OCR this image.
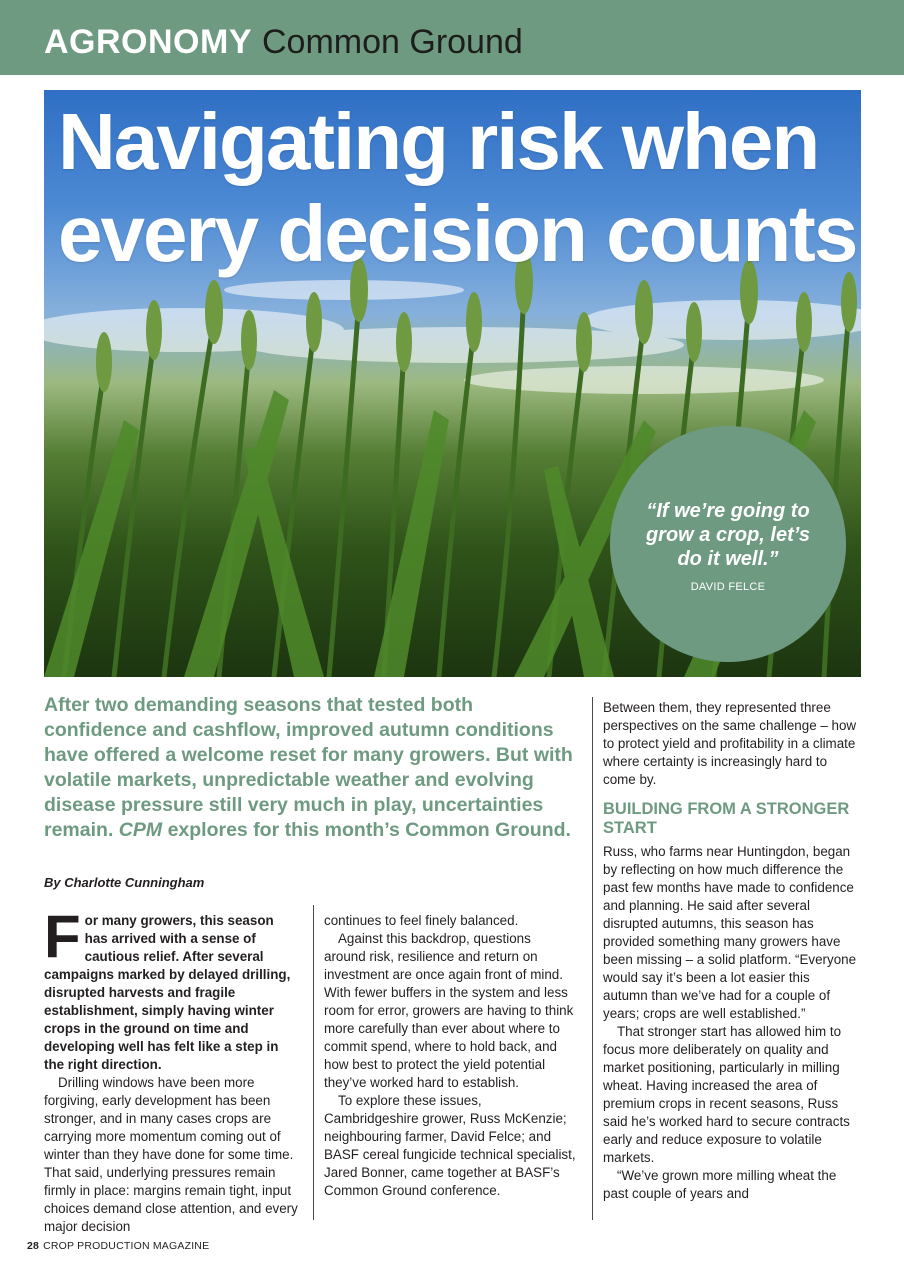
AGRONOMY Common Ground
Navigating risk when every decision counts
“If we’re going to grow a crop, let’s do it well.”
DAVID FELCE

After two demanding seasons that tested both confidence and cashflow, improved autumn conditions have offered a welcome reset for many growers. But with volatile markets, unpredictable weather and evolving disease pressure still very much in play, uncertainties remain. CPM explores for this month’s Common Ground.

By Charlotte Cunningham

For many growers, this season has arrived with a sense of cautious relief. After several campaigns marked by delayed drilling, disrupted harvests and fragile establishment, simply having winter crops in the ground on time and developing well has felt like a step in the right direction.

Drilling windows have been more forgiving, early development has been stronger, and in many cases crops are carrying more momentum coming out of winter than they have done for some time. That said, underlying pressures remain firmly in place: margins remain tight, input choices demand close attention, and every major decision

continues to feel finely balanced.

Against this backdrop, questions around risk, resilience and return on investment are once again front of mind. With fewer buffers in the system and less room for error, growers are having to think more carefully than ever about where to commit spend, where to hold back, and how best to protect the yield potential they’ve worked hard to establish.

To explore these issues, Cambridgeshire grower, Russ McKenzie; neighbouring farmer, David Felce; and BASF cereal fungicide technical specialist, Jared Bonner, came together at BASF’s Common Ground conference.

Between them, they represented three perspectives on the same challenge – how to protect yield and profitability in a climate where certainty is increasingly hard to come by.

BUILDING FROM A STRONGER START

Russ, who farms near Huntingdon, began by reflecting on how much difference the past few months have made to confidence and planning. He said after several disrupted autumns, this season has provided something many growers have been missing – a solid platform. “Everyone would say it’s been a lot easier this autumn than we’ve had for a couple of years; crops are well established.”

That stronger start has allowed him to focus more deliberately on quality and market positioning, particularly in milling wheat. Having increased the area of premium crops in recent seasons, Russ said he’s worked hard to secure contracts early and reduce exposure to volatile markets.

“We’ve grown more milling wheat the past couple of years and

28 CROP PRODUCTION MAGAZINE
